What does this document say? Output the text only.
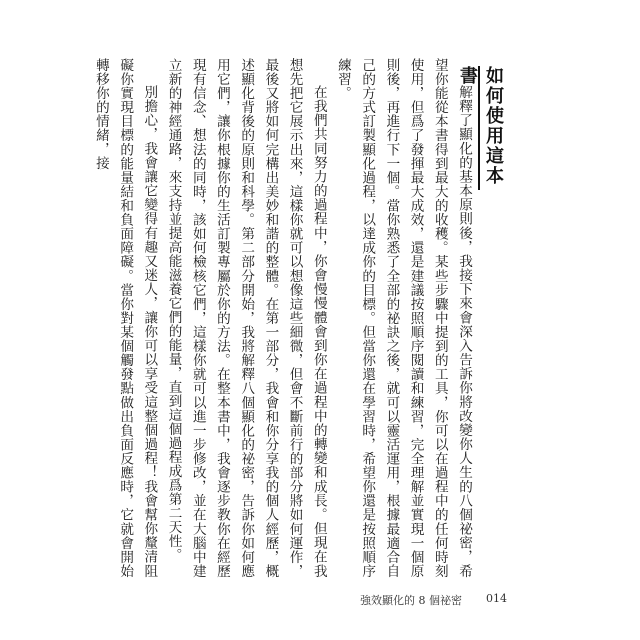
如何使用這本書

解釋了顯化的基本原則後，我接下來會深入告訴你將改變你人生的八個祕密，希望你能從本書得到最大的收穫。某些步驟中提到的工具，你可以在過程中的任何時刻使用，但爲了發揮最大成效，還是建議按照順序閱讀和練習，完全理解並實現一個原則後，再進行下一個。當你熟悉了全部的祕訣之後，就可以靈活運用，根據最適合自己的方式訂製顯化過程，以達成你的目標。但當你還在學習時，希望你還是按照順序練習。

在我們共同努力的過程中，你會慢慢體會到你在過程中的轉變和成長。但現在我想先把它展示出來，這樣你就可以想像這些細微，但會不斷前行的部分將如何運作，最後又將如何完構出美妙和諧的整體。在第一部分，我會和你分享我的個人經歷，概述顯化背後的原則和科學。第二部分開始，我將解釋八個顯化的祕密，告訴你如何應用它們，讓你根據你的生活訂製專屬於你的方法。在整本書中，我會逐步教你在經歷現有信念、想法的同時，該如何檢核它們，這樣你就可以進一步修改，並在大腦中建立新的神經通路，來支持並提高能滋養它們的能量，直到這個過程成爲第二天性。

別擔心，我會讓它變得有趣又迷人，讓你可以享受這整個過程！我會幫你釐清阻礙你實現目標的能量結和負面障礙。當你對某個觸發點做出負面反應時，它就會開始轉移你的情緒，接

強效顯化的 8 個祕密 014
